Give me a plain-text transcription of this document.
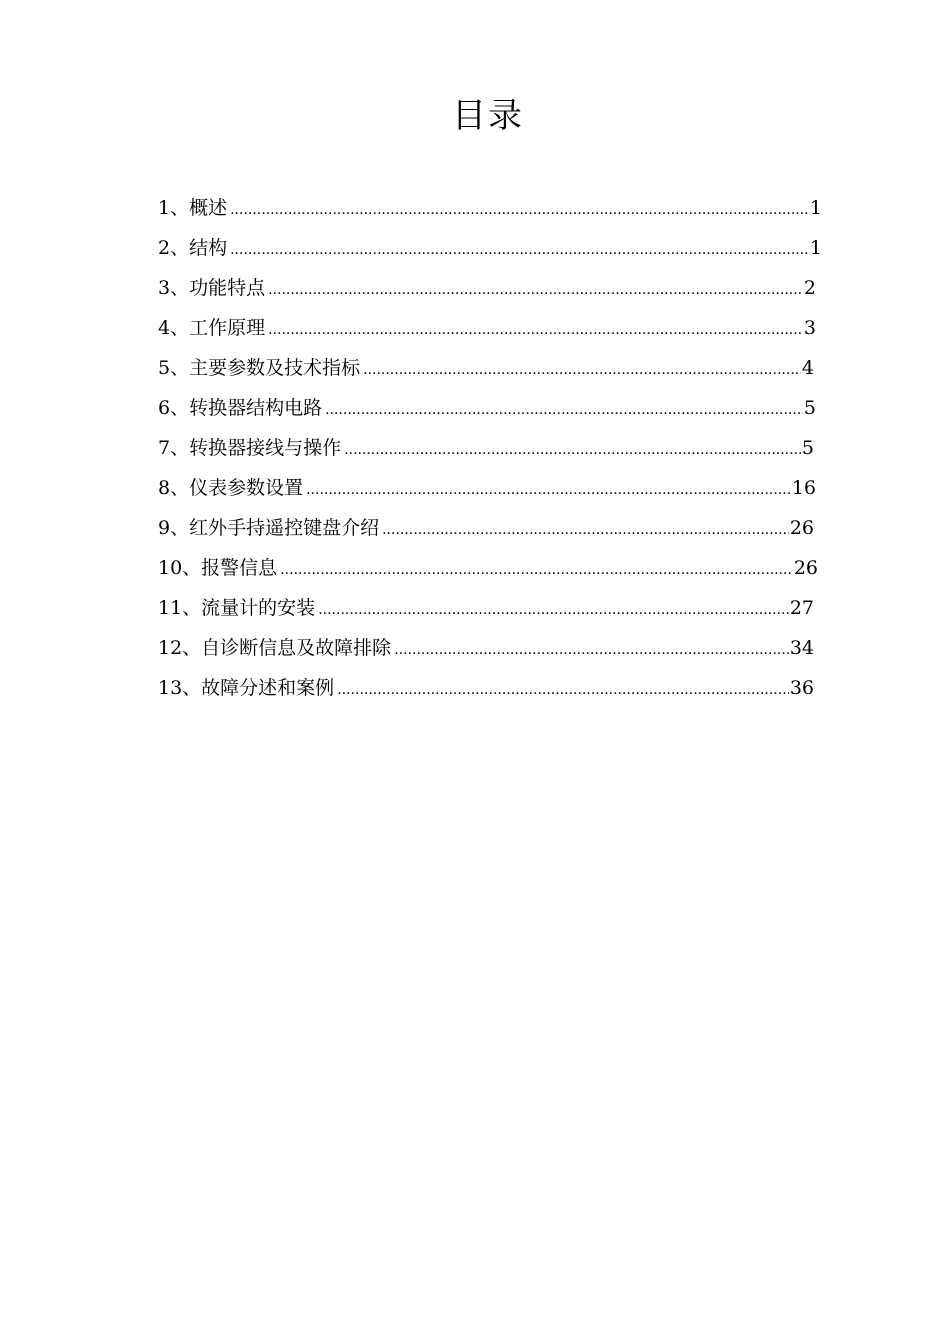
目录
1、概述 .....	1
2、结构 .....	1
3、功能特点 .....	2
4、工作原理 .....	3
5、主要参数及技术指标 .....	4
6、转换器结构电路 .....	5
7、转换器接线与操作 .....	5
8、仪表参数设置 .....	16
9、红外手持遥控键盘介绍 .....	26
10、报警信息 .....	26
11、流量计的安装 .....	27
12、自诊断信息及故障排除 .....	34
13、故障分述和案例 .....	36
